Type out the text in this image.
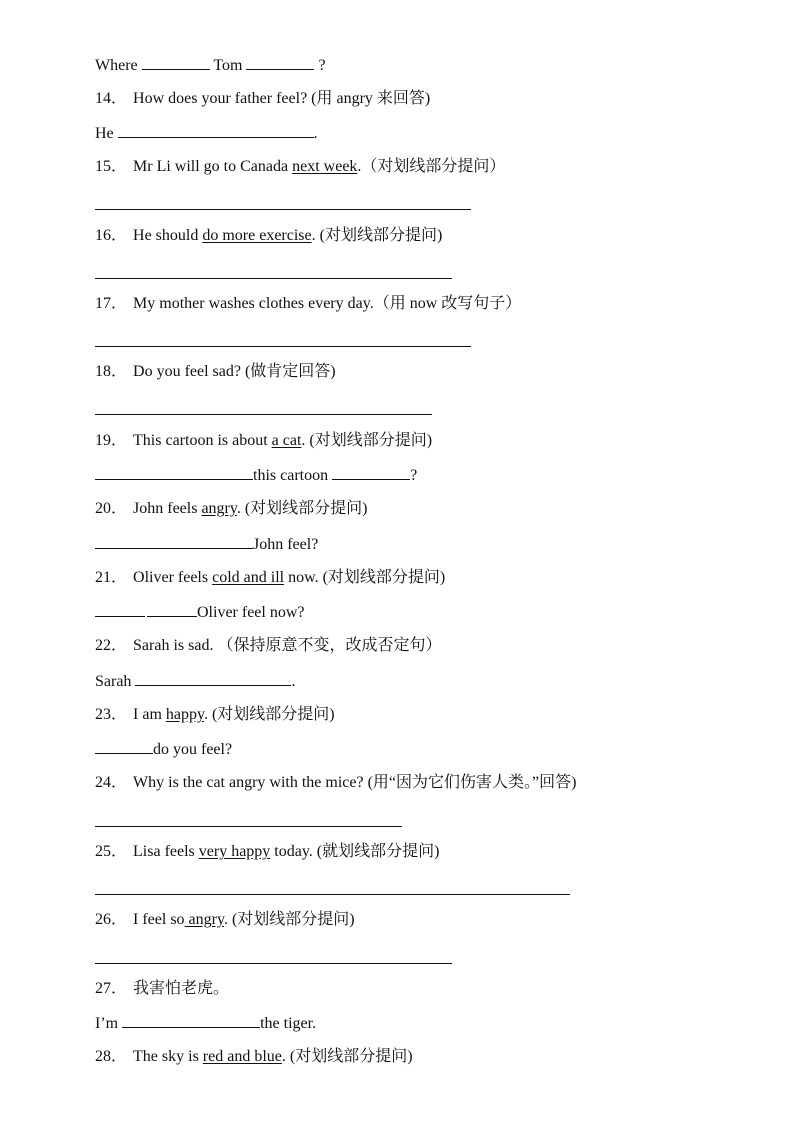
Where	Tom	?
14． How does your father feel? (用 angry 来回答)
He	.
15． Mr Li will go to Canada next week.（对划线部分提问）
16． He should do more exercise. (对划线部分提问)
17． My mother washes clothes every day.（用 now 改写句子）
18． Do you feel sad? (做肯定回答)
19． This cartoon is about a cat. (对划线部分提问)
this cartoon	?
20． John feels angry. (对划线部分提问)
John feel?
21． Oliver feels cold and ill now. (对划线部分提问)
Oliver feel now?
22． Sarah is sad. （保持原意不变，改成否定句）
Sarah	.
23． I am happy. (对划线部分提问)
do you feel?
24． Why is the cat angry with the mice? (用“因为它们伤害人类。”回答)
25． Lisa feels very happy today. (就划线部分提问)
26． I feel so angry. (对划线部分提问)
27． 我害怕老虎。
I’m	the tiger.
28． The sky is red and blue. (对划线部分提问)
